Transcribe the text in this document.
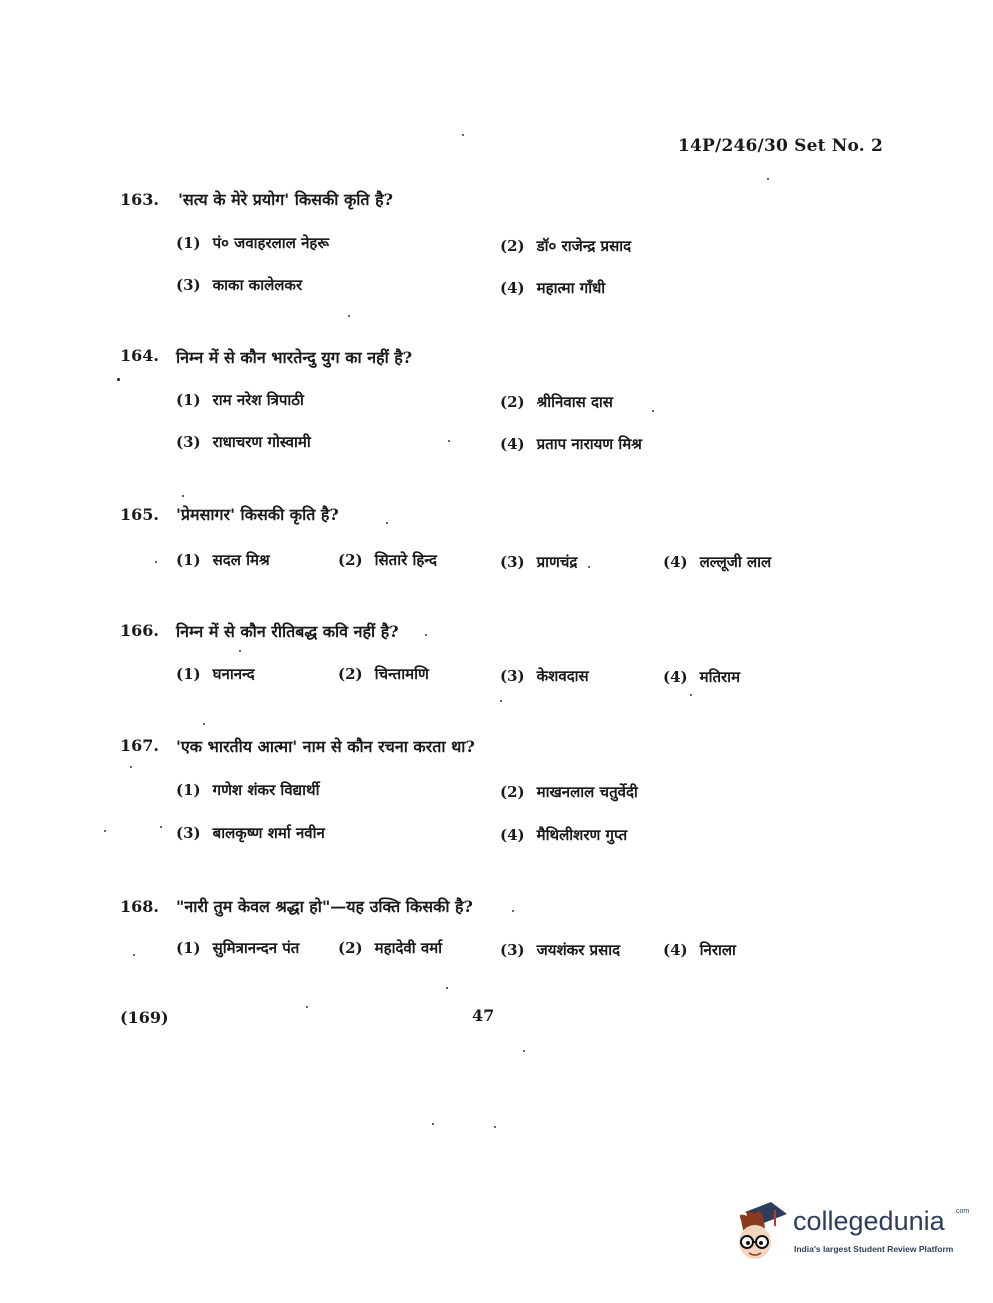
14P/246/30 Set No. 2
163. 'सत्य के मेरे प्रयोग' किसकी कृति है?
(1) पं० जवाहरलाल नेहरू	(2) डॉ० राजेन्द्र प्रसाद
(3) काका कालेलकर	(4) महात्मा गाँधी
164. निम्न में से कौन भारतेन्दु युग का नहीं है?
(1) राम नरेश त्रिपाठी	(2) श्रीनिवास दास
(3) राधाचरण गोस्वामी	(4) प्रताप नारायण मिश्र
165. 'प्रेमसागर' किसकी कृति है?
(1) सदल मिश्र	(2) सितारे हिन्द	(3) प्राणचंद्र	(4) लल्लूजी लाल
166. निम्न में से कौन रीतिबद्ध कवि नहीं है?
(1) घनानन्द	(2) चिन्तामणि	(3) केशवदास	(4) मतिराम
167. 'एक भारतीय आत्मा' नाम से कौन रचना करता था?
(1) गणेश शंकर विद्यार्थी	(2) माखनलाल चतुर्वेदी
(3) बालकृष्ण शर्मा नवीन	(4) मैथिलीशरण गुप्त
168. "नारी तुम केवल श्रद्धा हो"—यह उक्ति किसकी है?
(1) सुमित्रानन्दन पंत	(2) महादेवी वर्मा	(3) जयशंकर प्रसाद	(4) निराला
(169)	47
collegedunia .com
India's largest Student Review Platform
